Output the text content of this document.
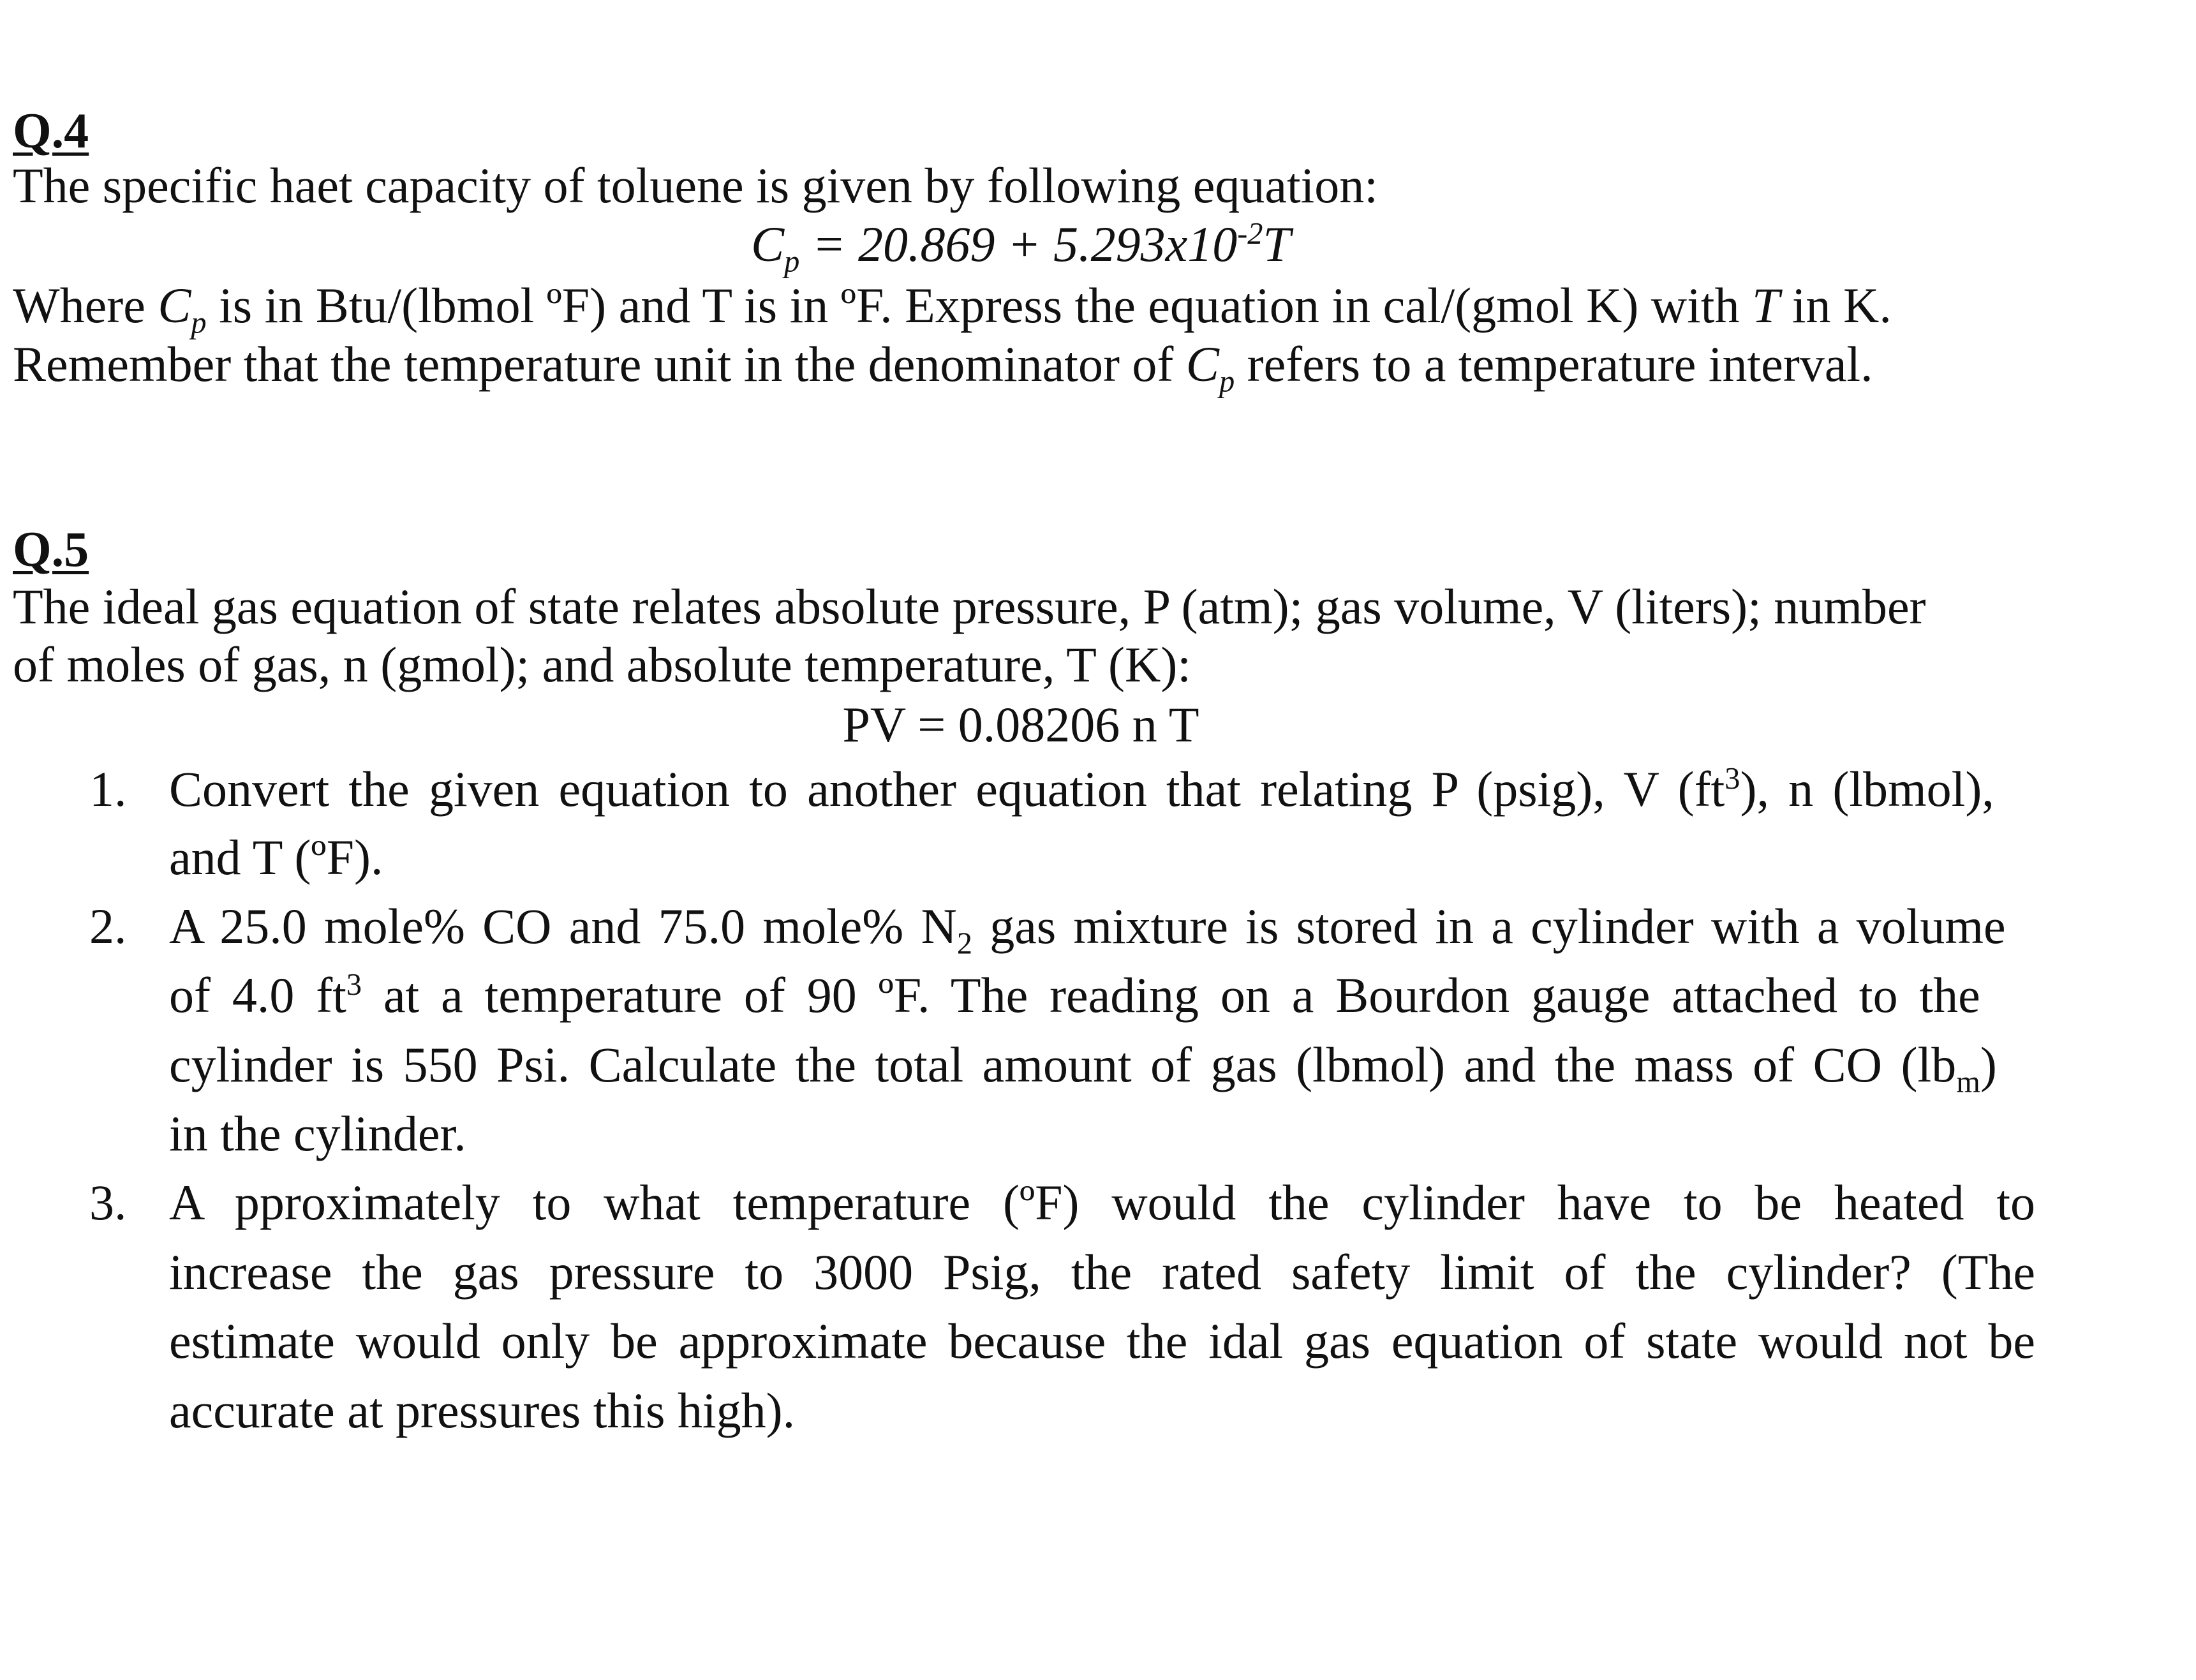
Q.4
The specific haet capacity of toluene is given by following equation:
$C_p = 20.869 + 5.293x10^{-2}T$
Where $C_p$ is in Btu/(lbmol ºF) and T is in ºF. Express the equation in cal/(gmol K) with T in K.
Remember that the temperature unit in the denominator of $C_p$ refers to a temperature interval.
Q.5
The ideal gas equation of state relates absolute pressure, P (atm); gas volume, V (liters); number
of moles of gas, n (gmol); and absolute temperature, T (K):
PV = 0.08206 n T
1. Convert the given equation to another equation that relating P (psig), V $(ft^3)$, n (lbmol),
and T (ºF).
2. A 25.0 mole% CO and 75.0 mole% $N_2$ gas mixture is stored in a cylinder with a volume
of 4.0 $ft^3$ at a temperature of 90 ºF. The reading on a Bourdon gauge attached to the
cylinder is 550 Psi. Calculate the total amount of gas (lbmol) and the mass of CO $(lb_m)$
in the cylinder.
3. A pproximately to what temperature (ºF) would the cylinder have to be heated to
increase the gas pressure to 3000 Psig, the rated safety limit of the cylinder? (The
estimate would only be approximate because the idal gas equation of state would not be
accurate at pressures this high).
